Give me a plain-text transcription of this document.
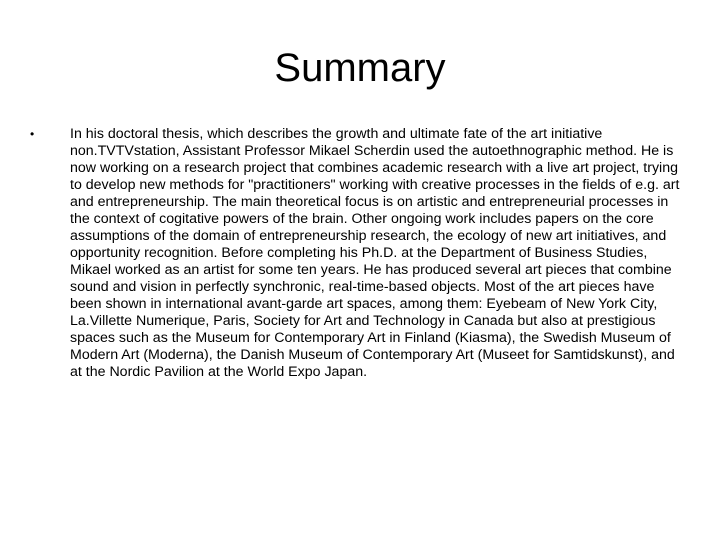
Summary
•	In his doctoral thesis, which describes the growth and ultimate fate of the art initiative non.TVTVstation, Assistant Professor Mikael Scherdin used the autoethnographic method. He is now working on a research project that combines academic research with a live art project, trying to develop new methods for "practitioners" working with creative processes in the fields of e.g. art and entrepreneurship. The main theoretical focus is on artistic and entrepreneurial processes in the context of cogitative powers of the brain. Other ongoing work includes papers on the core assumptions of the domain of entrepreneurship research, the ecology of new art initiatives, and opportunity recognition. Before completing his Ph.D. at the Department of Business Studies, Mikael worked as an artist for some ten years. He has produced several art pieces that combine sound and vision in perfectly synchronic, real-time-based objects. Most of the art pieces have been shown in international avant-garde art spaces, among them: Eyebeam of New York City, La.Villette Numerique, Paris, Society for Art and Technology in Canada but also at prestigious spaces such as the Museum for Contemporary Art in Finland (Kiasma), the Swedish Museum of Modern Art (Moderna), the Danish Museum of Contemporary Art (Museet for Samtidskunst), and at the Nordic Pavilion at the World Expo Japan.
